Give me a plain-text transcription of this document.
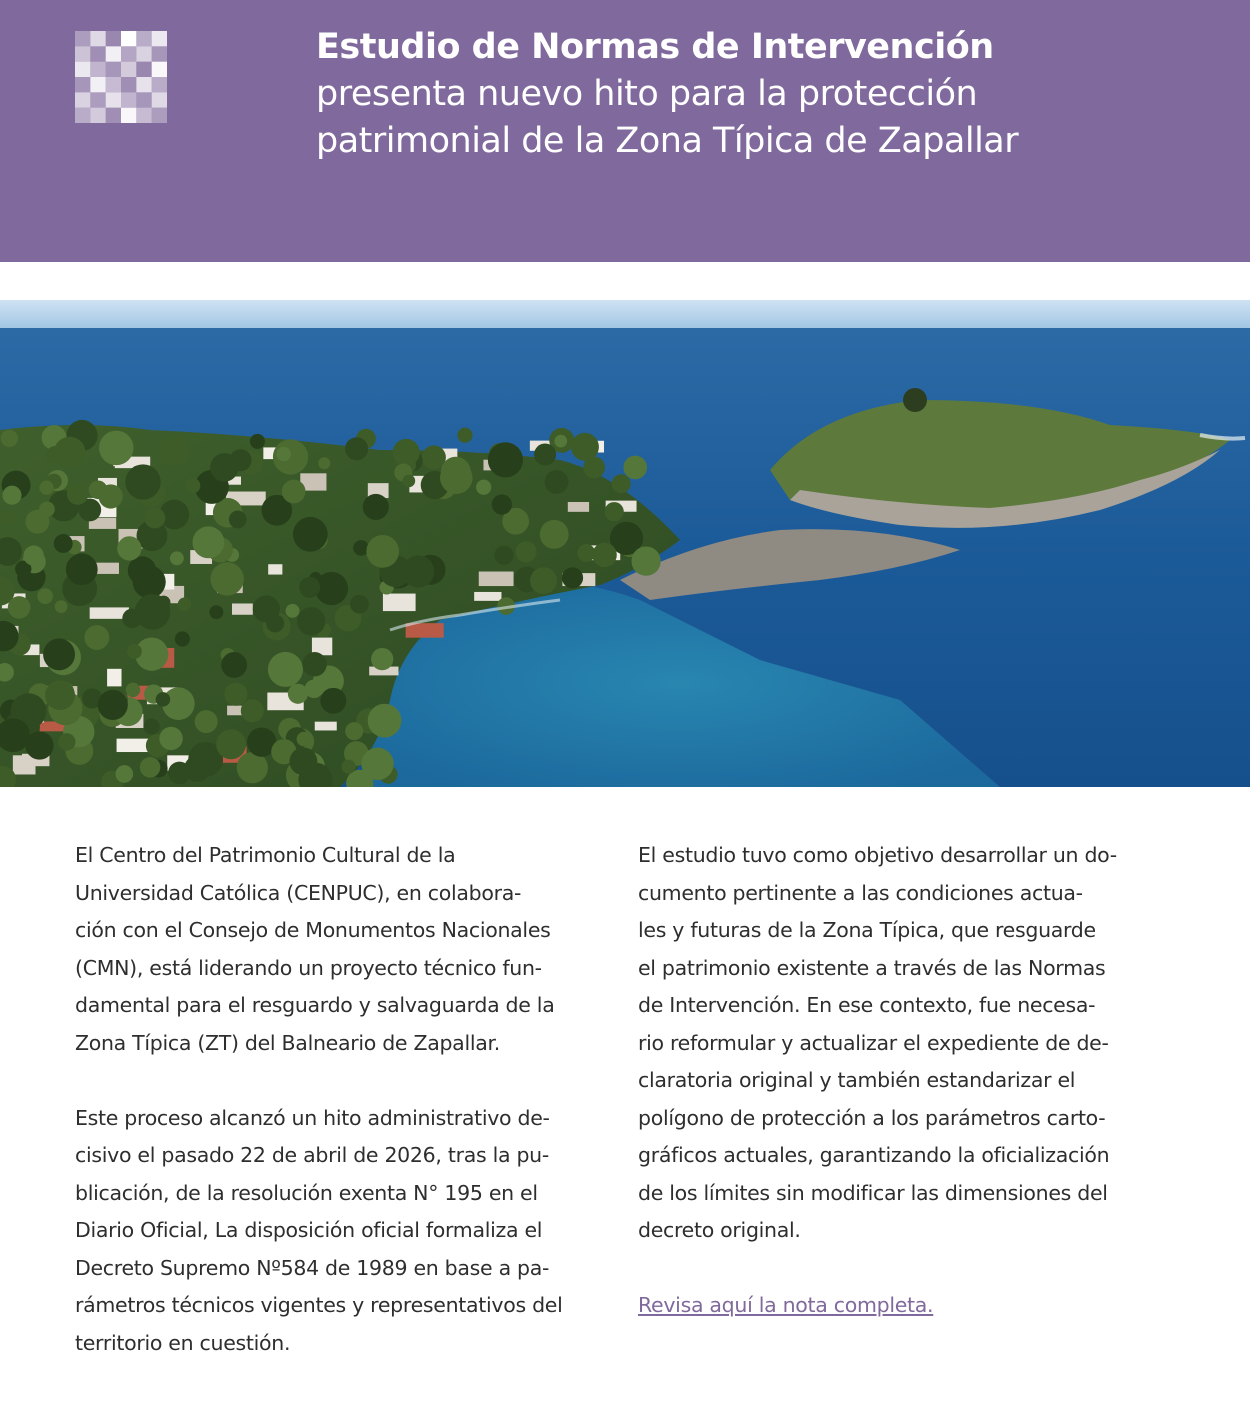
Estudio de Normas de Intervención
presenta nuevo hito para la protección
patrimonial de la Zona Típica de Zapallar

El Centro del Patrimonio Cultural de la
Universidad Católica (CENPUC), en colabora-
ción con el Consejo de Monumentos Nacionales
(CMN), está liderando un proyecto técnico fun-
damental para el resguardo y salvaguarda de la
Zona Típica (ZT) del Balneario de Zapallar.

Este proceso alcanzó un hito administrativo de-
cisivo el pasado 22 de abril de 2026, tras la pu-
blicación, de la resolución exenta N° 195 en el
Diario Oficial, La disposición oficial formaliza el
Decreto Supremo Nº584 de 1989 en base a pa-
rámetros técnicos vigentes y representativos del
territorio en cuestión.

El estudio tuvo como objetivo desarrollar un do-
cumento pertinente a las condiciones actua-
les y futuras de la Zona Típica, que resguarde
el patrimonio existente a través de las Normas
de Intervención. En ese contexto, fue necesa-
rio reformular y actualizar el expediente de de-
claratoria original y también estandarizar el
polígono de protección a los parámetros carto-
gráficos actuales, garantizando la oficialización
de los límites sin modificar las dimensiones del
decreto original.

Revisa aquí la nota completa.
